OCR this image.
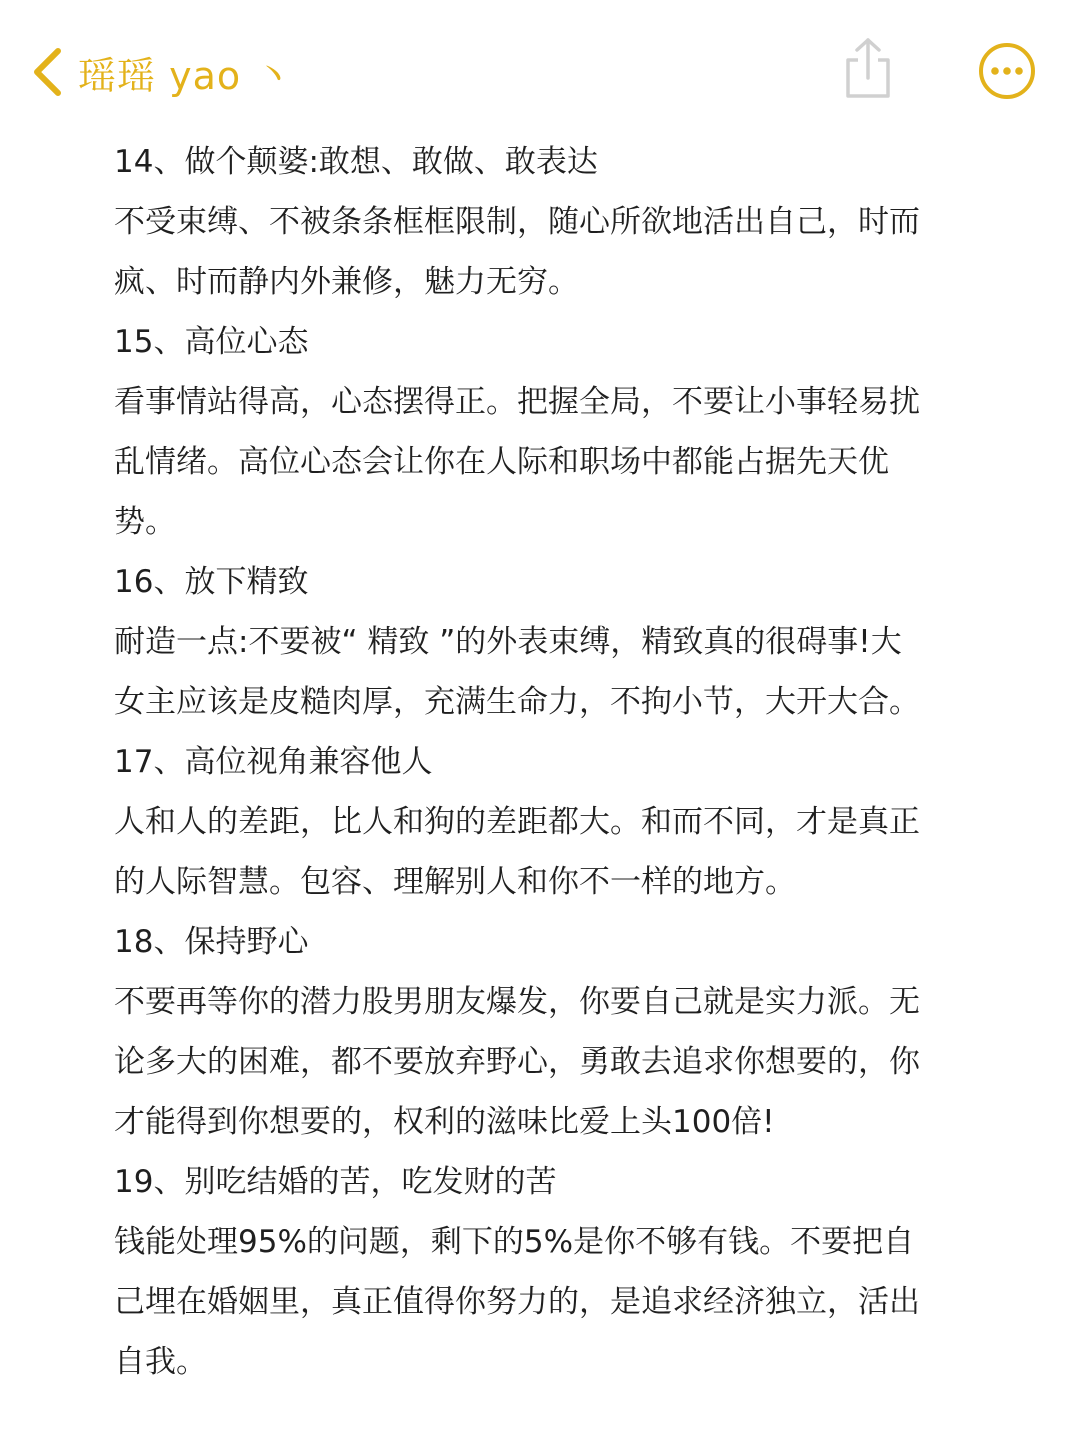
瑶瑶 yao 丶
14、做个颠婆:敢想、敢做、敢表达
不受束缚、不被条条框框限制，随心所欲地活出自己，时而
疯、时而静内外兼修，魅力无穷。
15、高位心态
看事情站得高，心态摆得正。把握全局，不要让小事轻易扰
乱情绪。高位心态会让你在人际和职场中都能占据先天优
势。
16、放下精致
耐造一点:不要被“ 精致 ”的外表束缚，精致真的很碍事!大
女主应该是皮糙肉厚，充满生命力，不拘小节，大开大合。
17、高位视角兼容他人
人和人的差距，比人和狗的差距都大。和而不同，才是真正
的人际智慧。包容、理解别人和你不一样的地方。
18、保持野心
不要再等你的潜力股男朋友爆发，你要自己就是实力派。无
论多大的困难，都不要放弃野心，勇敢去追求你想要的，你
才能得到你想要的，权利的滋味比爱上头100倍!
19、别吃结婚的苦，吃发财的苦
钱能处理95%的问题，剩下的5%是你不够有钱。不要把自
己埋在婚姻里，真正值得你努力的，是追求经济独立，活出
自我。
